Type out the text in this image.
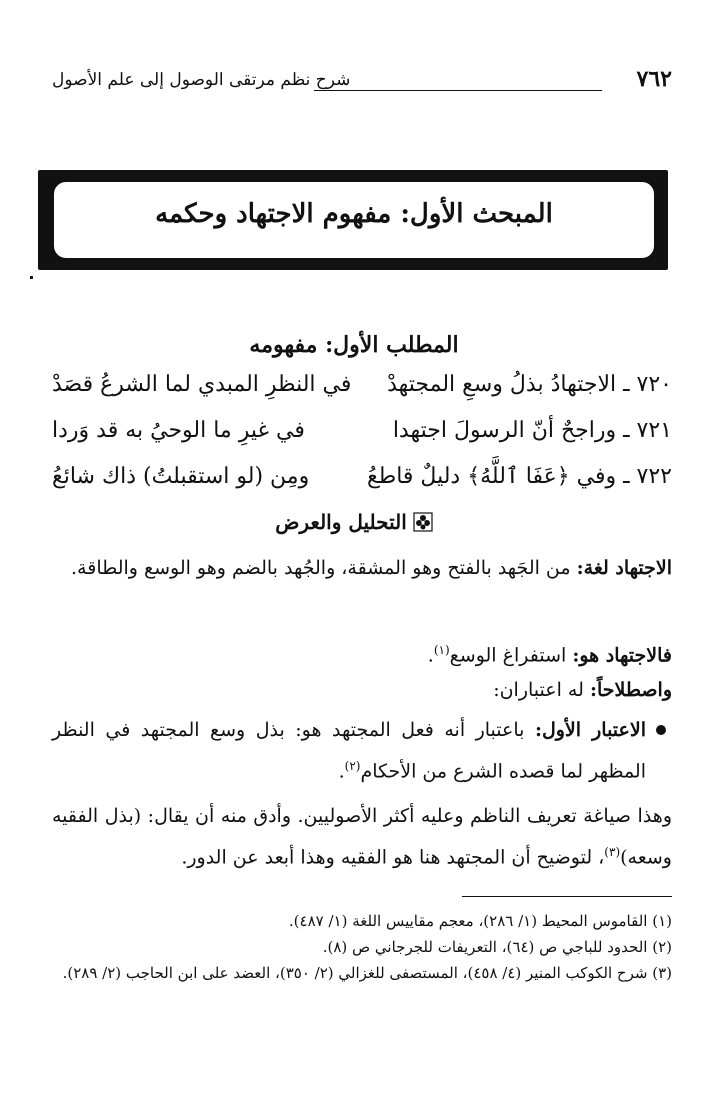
٧٦٢
شرح نظم مرتقى الوصول إلى علم الأصول
المبحث الأول: مفهوم الاجتهاد وحكمه
المطلب الأول: مفهومه
٧٢٠ ـ الاجتهادُ بذلُ وسعِ المجتهدْ
في النظرِ المبدي لما الشرعُ قصَدْ
٧٢١ ـ وراجحٌ أنّ الرسولَ اجتهدا
في غيرِ ما الوحيُ به قد وَردا
٧٢٢ ـ وفي ﴿عَفَا ٱللَّهُ﴾ دليلٌ قاطعُ
ومِن (لو استقبلتُ) ذاك شائعُ
التحليل والعرض
الاجتهاد لغة: من الجَهد بالفتح وهو المشقة، والجُهد بالضم وهو الوسع والطاقة.
فالاجتهاد هو: استفراغ الوسع$^{(١)}$.
واصطلاحاً: له اعتباران:
الاعتبار الأول: باعتبار أنه فعل المجتهد هو: بذل وسع المجتهد في النظر المظهر لما قصده الشرع من الأحكام$^{(٢)}$.
وهذا صياغة تعريف الناظم وعليه أكثر الأصوليين. وأدق منه أن يقال: (بذل الفقيه وسعه)$^{(٣)}$، لتوضيح أن المجتهد هنا هو الفقيه وهذا أبعد عن الدور.
(١) القاموس المحيط (١/ ٢٨٦)، معجم مقاييس اللغة (١/ ٤٨٧).
(٢) الحدود للباجي ص (٦٤)، التعريفات للجرجاني ص (٨).
(٣) شرح الكوكب المنير (٤/ ٤٥٨)، المستصفى للغزالي (٢/ ٣٥٠)، العضد على ابن الحاجب (٢/ ٢٨٩).
